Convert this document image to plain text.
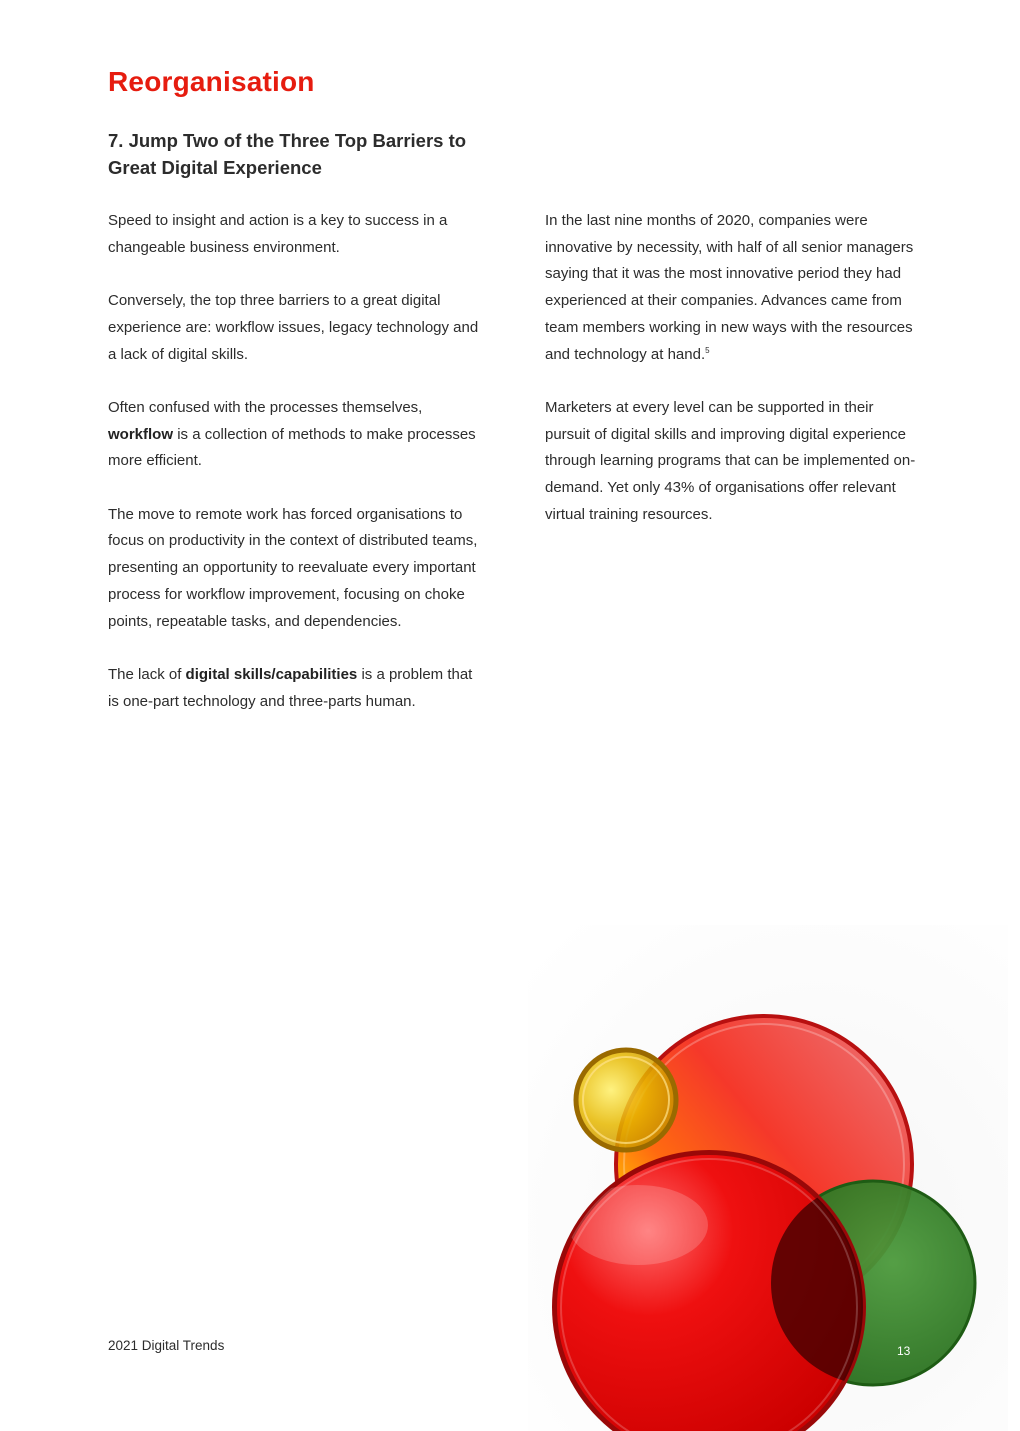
Reorganisation
7. Jump Two of the Three Top Barriers to
Great Digital Experience

Speed to insight and action is a key to success in a changeable business environment.

Conversely, the top three barriers to a great digital experience are: workflow issues, legacy technology and a lack of digital skills.

Often confused with the processes themselves, workflow is a collection of methods to make processes more efficient.

The move to remote work has forced organisations to focus on productivity in the context of distributed teams, presenting an opportunity to reevaluate every important process for workflow improvement, focusing on choke points, repeatable tasks, and dependencies.

The lack of digital skills/capabilities is a problem that is one-part technology and three-parts human.

In the last nine months of 2020, companies were innovative by necessity, with half of all senior managers saying that it was the most innovative period they had experienced at their companies. Advances came from team members working in new ways with the resources and technology at hand.$^5$

Marketers at every level can be supported in their pursuit of digital skills and improving digital experience through learning programs that can be implemented on-demand. Yet only 43% of organisations offer relevant virtual training resources.

2021 Digital Trends	13
